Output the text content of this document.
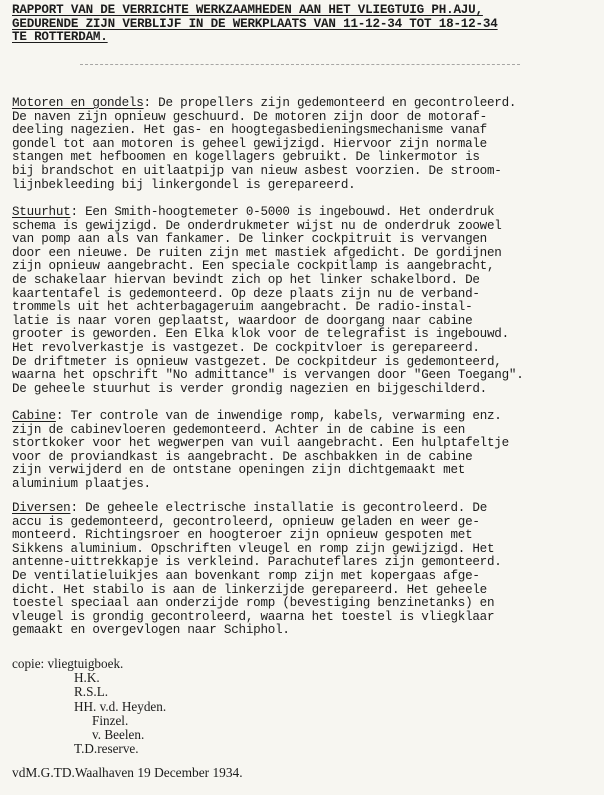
RAPPORT VAN DE VERRICHTE WERKZAAMHEDEN AAN HET VLIEGTUIG PH.AJU,
GEDURENDE ZIJN VERBLIJF IN DE WERKPLAATS VAN 11-12-34 TOT 18-12-34
TE ROTTERDAM.
Motoren en gondels: De propellers zijn gedemonteerd en gecontroleerd.
De naven zijn opnieuw geschuurd. De motoren zijn door de motoraf-
deeling nagezien. Het gas- en hoogtegasbedieningsmechanisme vanaf
gondel tot aan motoren is geheel gewijzigd. Hiervoor zijn normale
stangen met hefboomen en kogellagers gebruikt. De linkermotor is
bij brandschot en uitlaatpijp van nieuw asbest voorzien. De stroom-
lijnbekleeding bij linkergondel is gerepareerd.
Stuurhut: Een Smith-hoogtemeter 0-5000 is ingebouwd. Het onderdruk
schema is gewijzigd. De onderdrukmeter wijst nu de onderdruk zoowel
van pomp aan als van fankamer. De linker cockpitruit is vervangen
door een nieuwe. De ruiten zijn met mastiek afgedicht. De gordijnen
zijn opnieuw aangebracht. Een speciale cockpitlamp is aangebracht,
de schakelaar hiervan bevindt zich op het linker schakelbord. De
kaartentafel is gedemonteerd. Op deze plaats zijn nu de verband-
trommels uit het achterbagageruim aangebracht. De radio-instal-
latie is naar voren geplaatst, waardoor de doorgang naar cabine
grooter is geworden. Een Elka klok voor de telegrafist is ingebouwd.
Het revolverkastje is vastgezet. De cockpitvloer is gerepareerd.
De driftmeter is opnieuw vastgezet. De cockpitdeur is gedemonteerd,
waarna het opschrift "No admittance" is vervangen door "Geen Toegang".
De geheele stuurhut is verder grondig nagezien en bijgeschilderd.
Cabine: Ter controle van de inwendige romp, kabels, verwarming enz.
zijn de cabinevloeren gedemonteerd. Achter in de cabine is een
stortkoker voor het wegwerpen van vuil aangebracht. Een hulptafeltje
voor de proviandkast is aangebracht. De aschbakken in de cabine
zijn verwijderd en de ontstane openingen zijn dichtgemaakt met
aluminium plaatjes.
Diversen: De geheele electrische installatie is gecontroleerd. De
accu is gedemonteerd, gecontroleerd, opnieuw geladen en weer ge-
monteerd. Richtingsroer en hoogteroer zijn opnieuw gespoten met
Sikkens aluminium. Opschriften vleugel en romp zijn gewijzigd. Het
antenne-uittrekkapje is verkleind. Parachuteflares zijn gemonteerd.
De ventilatieluikjes aan bovenkant romp zijn met kopergaas afge-
dicht. Het stabilo is aan de linkerzijde gerepareerd. Het geheele
toestel speciaal aan onderzijde romp (bevestiging benzinetanks) en
vleugel is grondig gecontroleerd, waarna het toestel is vliegklaar
gemaakt en overgevlogen naar Schiphol.
copie: vliegtuigboek.
H.K.
R.S.L.
HH. v.d. Heyden.
Finzel.
v. Beelen.
T.D.reserve.
vdM.G.TD.Waalhaven 19 December 1934.
